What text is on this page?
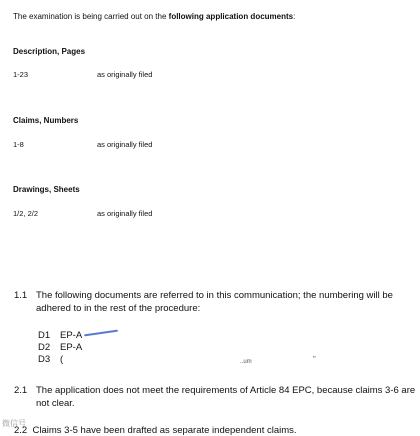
The examination is being carried out on the following application documents:
Description, Pages
1-23	as originally filed
Claims, Numbers
1-8	as originally filed
Drawings, Sheets
1/2, 2/2	as originally filed
1.1 The following documents are referred to in this communication; the numbering will be adhered to in the rest of the procedure:
D1 EP-A
D2 EP-A
D3 (	..um	”
2.1 The application does not meet the requirements of Article 84 EPC, because claims 3-6 are not clear.
微信号
2.2 Claims 3-5 have been drafted as separate independent claims.
